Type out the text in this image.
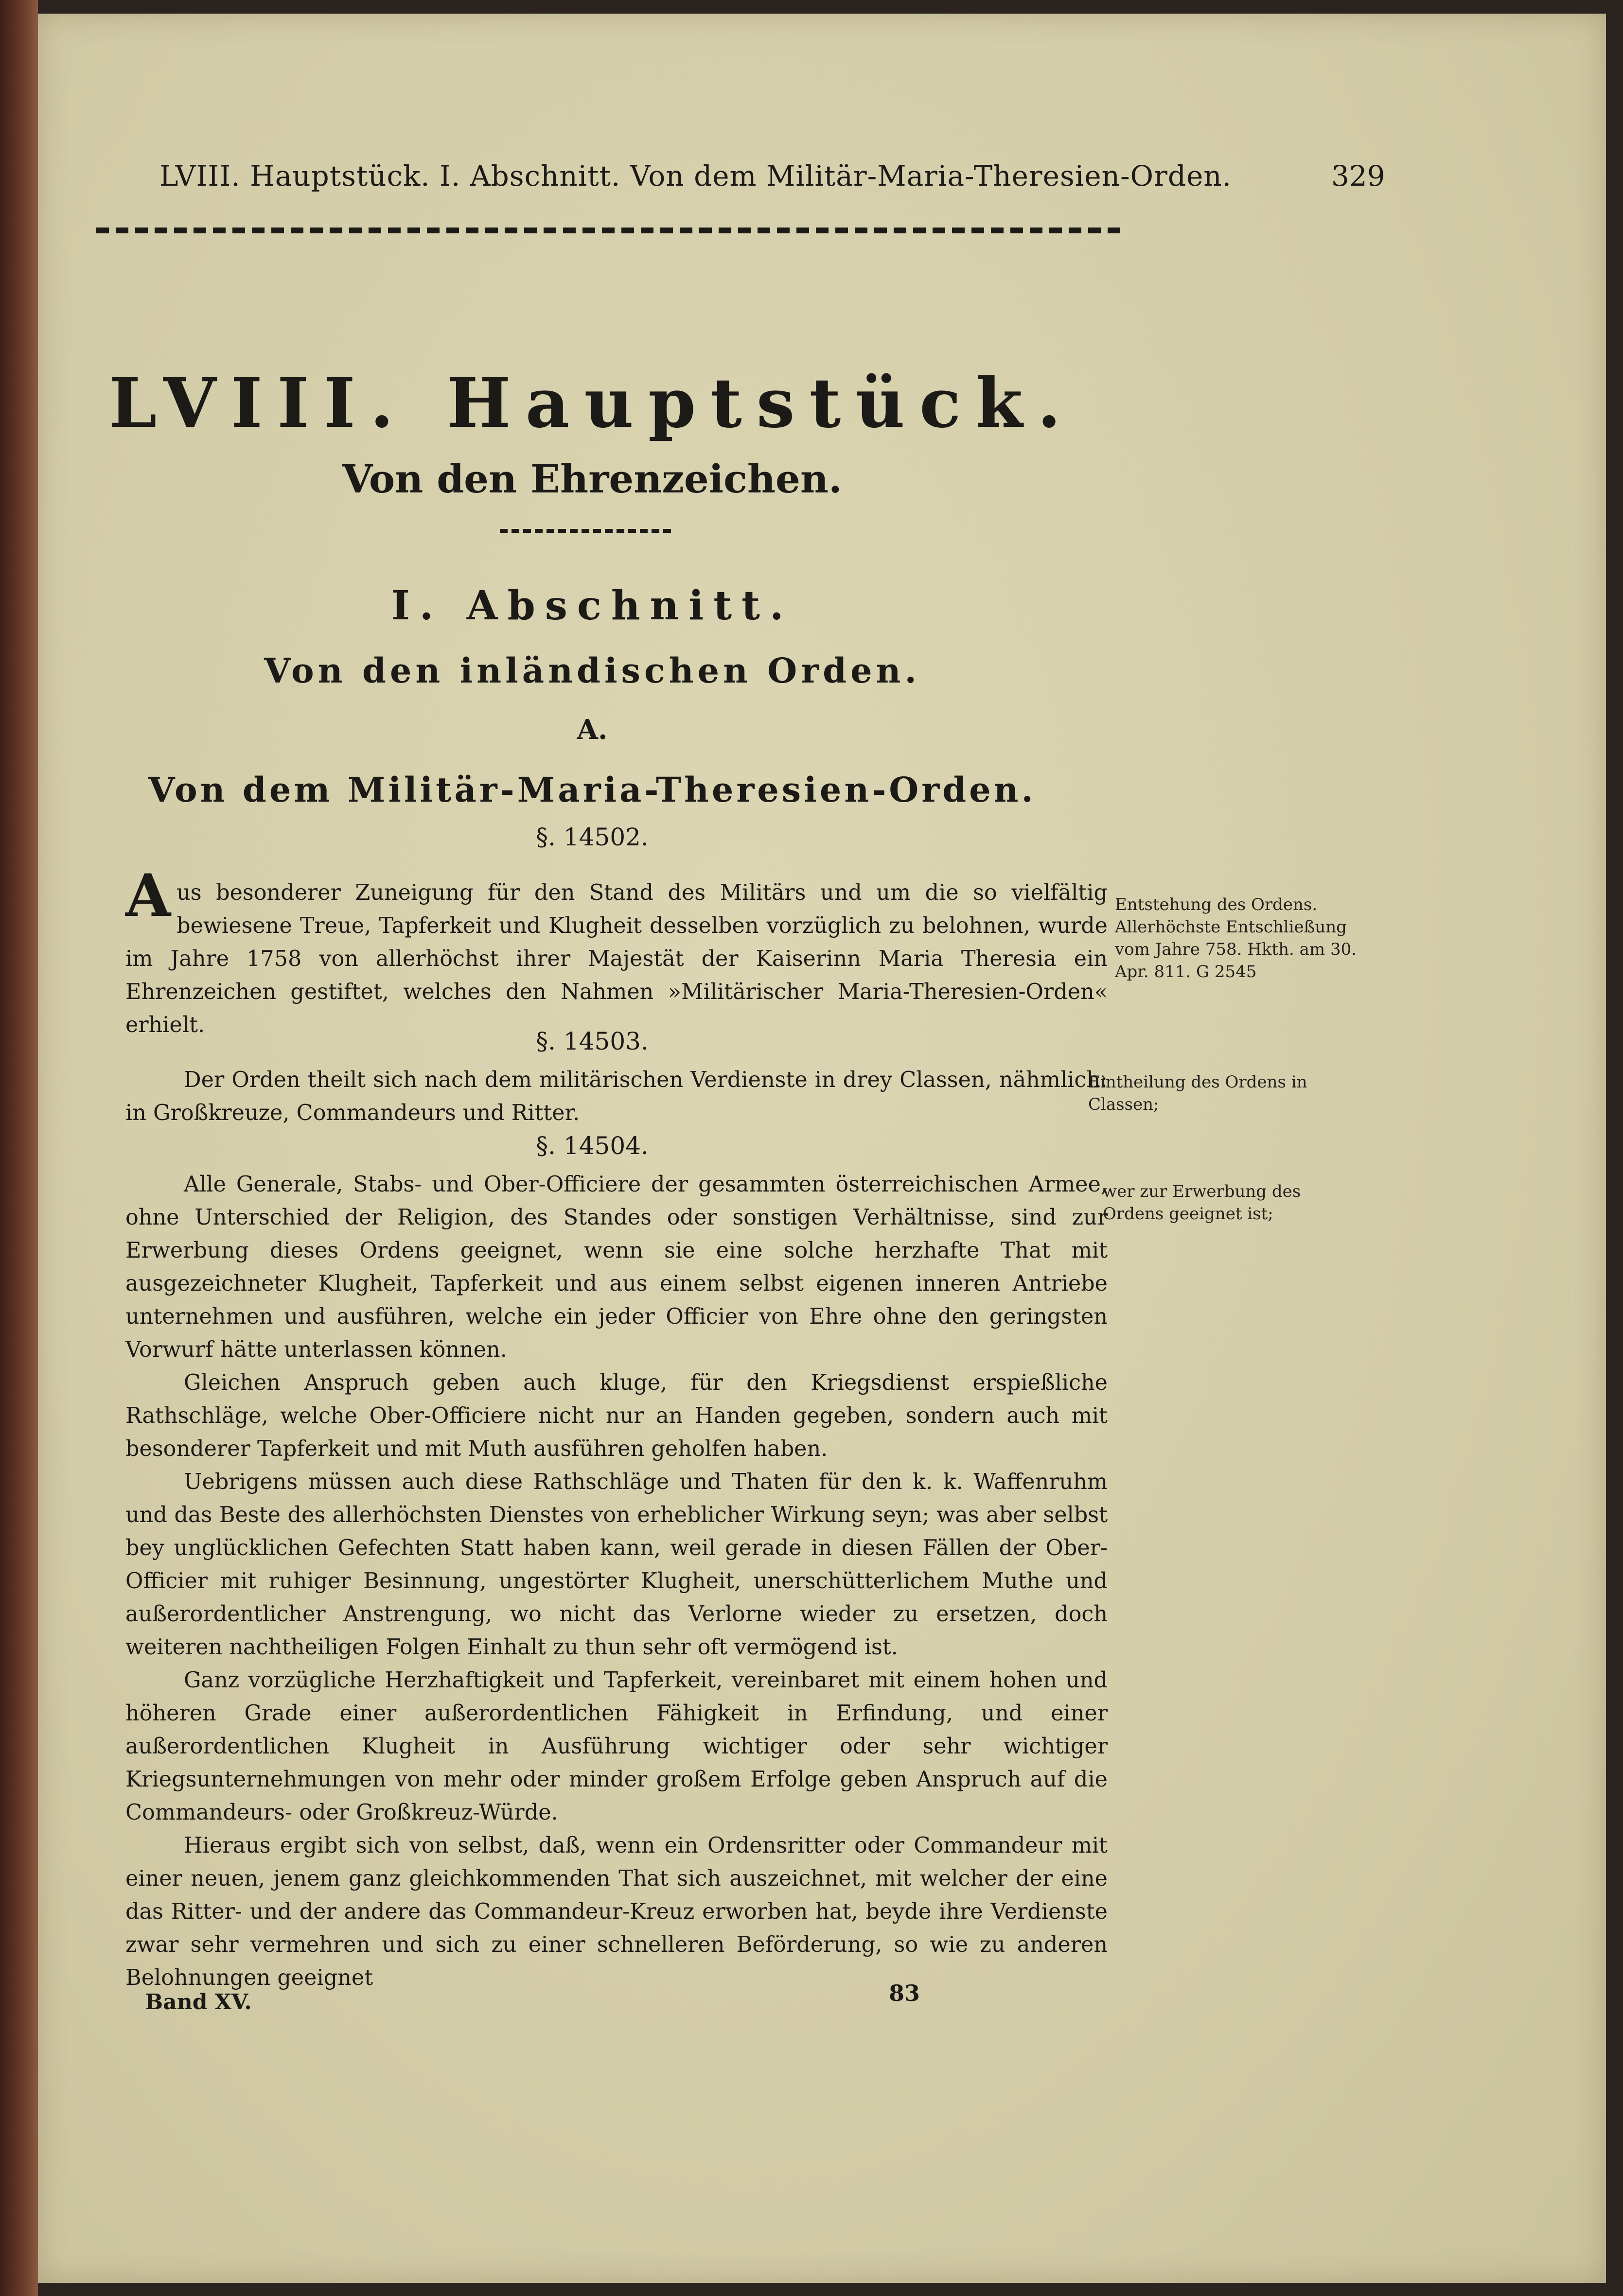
LVIII. Hauptstück. I. Abschnitt. Von dem Militär-Maria-Theresien-Orden.	329
LVIII. Hauptstück.
Von den Ehrenzeichen.
I. Abschnitt.
Von den inländischen Orden.
A.
Von dem Militär-Maria-Theresien-Orden.
§. 14502.

Aus besonderer Zuneigung für den Stand des Militärs und um die so vielfältig bewiesene Treue, Tapferkeit und Klugheit desselben vorzüglich zu belohnen, wurde im Jahre 1758 von allerhöchst ihrer Majestät der Kaiserinn Maria Theresia ein Ehrenzeichen gestiftet, welches den Nahmen »Militärischer Maria-Theresien-Orden« erhielt.

§. 14503.

Der Orden theilt sich nach dem militärischen Verdienste in drey Classen, nähmlich: in Großkreuze, Commandeurs und Ritter.

§. 14504.

Alle Generale, Stabs- und Ober-Officiere der gesammten österreichischen Armee, ohne Unterschied der Religion, des Standes oder sonstigen Verhältnisse, sind zur Erwerbung dieses Ordens geeignet, wenn sie eine solche herzhafte That mit ausgezeichneter Klugheit, Tapferkeit und aus einem selbst eigenen inneren Antriebe unternehmen und ausführen, welche ein jeder Officier von Ehre ohne den geringsten Vorwurf hätte unterlassen können.

Gleichen Anspruch geben auch kluge, für den Kriegsdienst erspießliche Rathschläge, welche Ober-Officiere nicht nur an Handen gegeben, sondern auch mit besonderer Tapferkeit und mit Muth ausführen geholfen haben.

Uebrigens müssen auch diese Rathschläge und Thaten für den k. k. Waffenruhm und das Beste des allerhöchsten Dienstes von erheblicher Wirkung seyn; was aber selbst bey unglücklichen Gefechten Statt haben kann, weil gerade in diesen Fällen der Ober-Officier mit ruhiger Besinnung, ungestörter Klugheit, unerschütterlichem Muthe und außerordentlicher Anstrengung, wo nicht das Verlorne wieder zu ersetzen, doch weiteren nachtheiligen Folgen Einhalt zu thun sehr oft vermögend ist.

Ganz vorzügliche Herzhaftigkeit und Tapferkeit, vereinbaret mit einem hohen und höheren Grade einer außerordentlichen Fähigkeit in Erfindung, und einer außerordentlichen Klugheit in Ausführung wichtiger oder sehr wichtiger Kriegsunternehmungen von mehr oder minder großem Erfolge geben Anspruch auf die Commandeurs- oder Großkreuz-Würde.

Hieraus ergibt sich von selbst, daß, wenn ein Ordensritter oder Commandeur mit einer neuen, jenem ganz gleichkommenden That sich auszeichnet, mit welcher der eine das Ritter- und der andere das Commandeur-Kreuz erworben hat, beyde ihre Verdienste zwar sehr vermehren und sich zu einer schnelleren Beförderung, so wie zu anderen Belohnungen geeignet

Entstehung des Ordens. Allerhöchste Entschließung vom Jahre 758. Hkth. am 30. Apr. 811. G 2545
Eintheilung des Ordens in Classen;
wer zur Erwerbung des Ordens geeignet ist;
Band XV.	83
